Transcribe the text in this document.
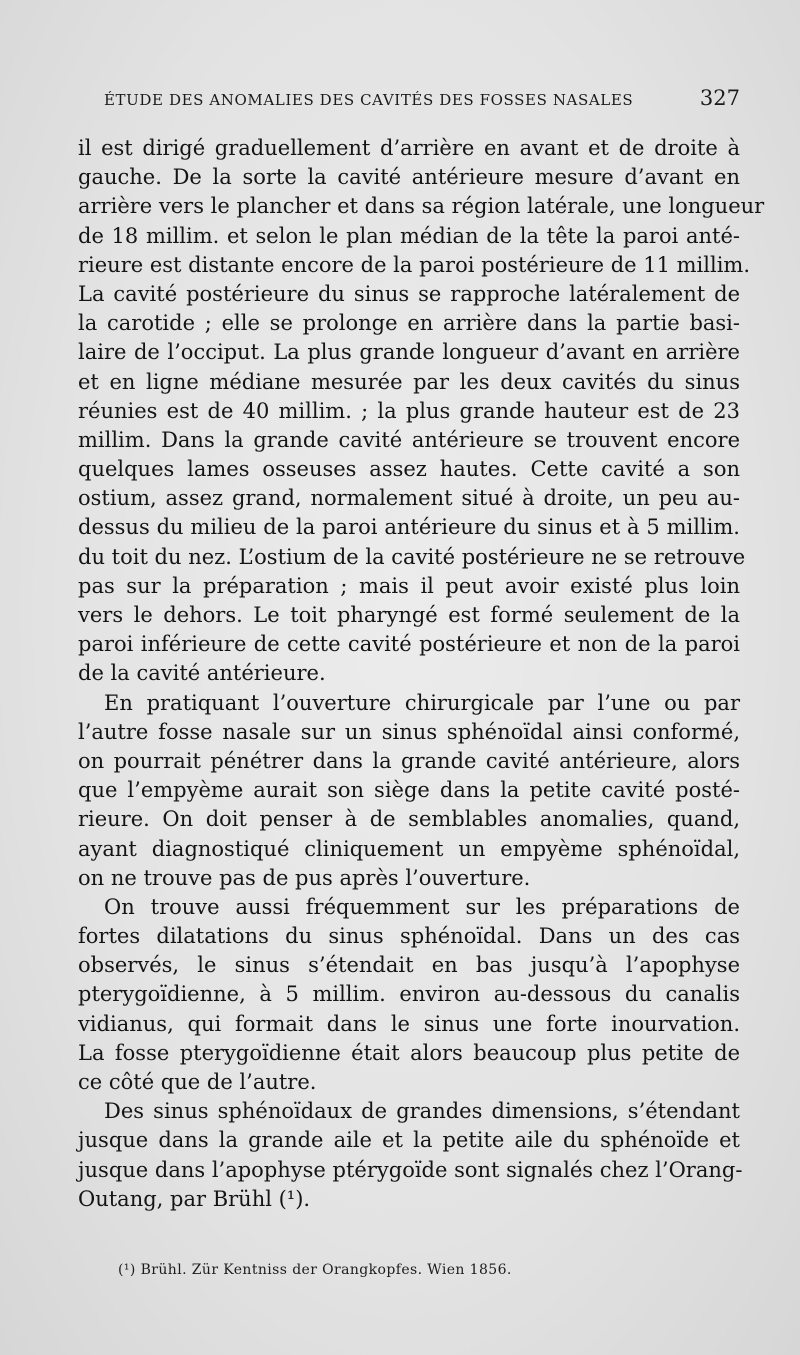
ÉTUDE DES ANOMALIES DES CAVITÉS DES FOSSES NASALES	327
il est dirigé graduellement d’arrière en avant et de droite à
gauche. De la sorte la cavité antérieure mesure d’avant en
arrière vers le plancher et dans sa région latérale, une longueur
de 18 millim. et selon le plan médian de la tête la paroi anté-
rieure est distante encore de la paroi postérieure de 11 millim.
La cavité postérieure du sinus se rapproche latéralement de
la carotide ; elle se prolonge en arrière dans la partie basi-
laire de l’occiput. La plus grande longueur d’avant en arrière
et en ligne médiane mesurée par les deux cavités du sinus
réunies est de 40 millim. ; la plus grande hauteur est de 23
millim. Dans la grande cavité antérieure se trouvent encore
quelques lames osseuses assez hautes. Cette cavité a son
ostium, assez grand, normalement situé à droite, un peu au-
dessus du milieu de la paroi antérieure du sinus et à 5 millim.
du toit du nez. L’ostium de la cavité postérieure ne se retrouve
pas sur la préparation ; mais il peut avoir existé plus loin
vers le dehors. Le toit pharyngé est formé seulement de la
paroi inférieure de cette cavité postérieure et non de la paroi
de la cavité antérieure.
En pratiquant l’ouverture chirurgicale par l’une ou par
l’autre fosse nasale sur un sinus sphénoïdal ainsi conformé,
on pourrait pénétrer dans la grande cavité antérieure, alors
que l’empyème aurait son siège dans la petite cavité posté-
rieure. On doit penser à de semblables anomalies, quand,
ayant diagnostiqué cliniquement un empyème sphénoïdal,
on ne trouve pas de pus après l’ouverture.
On trouve aussi fréquemment sur les préparations de
fortes dilatations du sinus sphénoïdal. Dans un des cas
observés, le sinus s’étendait en bas jusqu’à l’apophyse
pterygoïdienne, à 5 millim. environ au-dessous du canalis
vidianus, qui formait dans le sinus une forte inourvation.
La fosse pterygoïdienne était alors beaucoup plus petite de
ce côté que de l’autre.
Des sinus sphénoïdaux de grandes dimensions, s’étendant
jusque dans la grande aile et la petite aile du sphénoïde et
jusque dans l’apophyse ptérygoïde sont signalés chez l’Orang-
Outang, par Brühl (¹).
(¹) Brühl. Zür Kentniss der Orangkopfes. Wien 1856.
